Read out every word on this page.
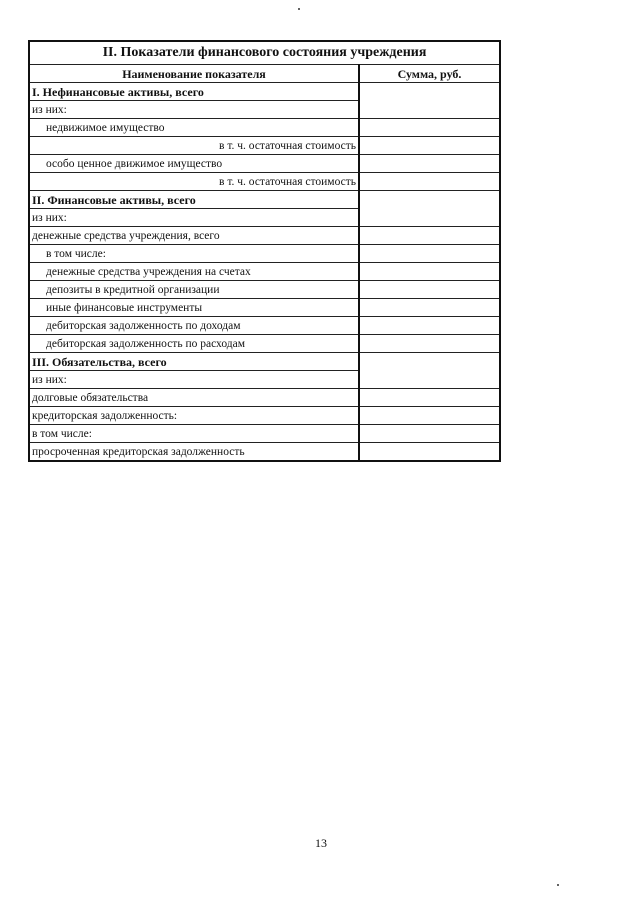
II. Показатели финансового состояния учреждения	
Наименование показателя	Сумма, руб.
I. Нефинансовые активы, всего	
из них:	
недвижимое имущество	
в т. ч. остаточная стоимость	
особо ценное движимое имущество	
в т. ч. остаточная стоимость	
II. Финансовые активы, всего	
из них:	
денежные средства учреждения, всего	
в том числе:	
денежные средства учреждения на счетах	
депозиты в кредитной организации	
иные финансовые инструменты	
дебиторская задолженность по доходам	
дебиторская задолженность по расходам	
III. Обязательства, всего	
из них:	
долговые обязательства	
кредиторская задолженность:	
в том числе:	
просроченная кредиторская задолженность	
13
